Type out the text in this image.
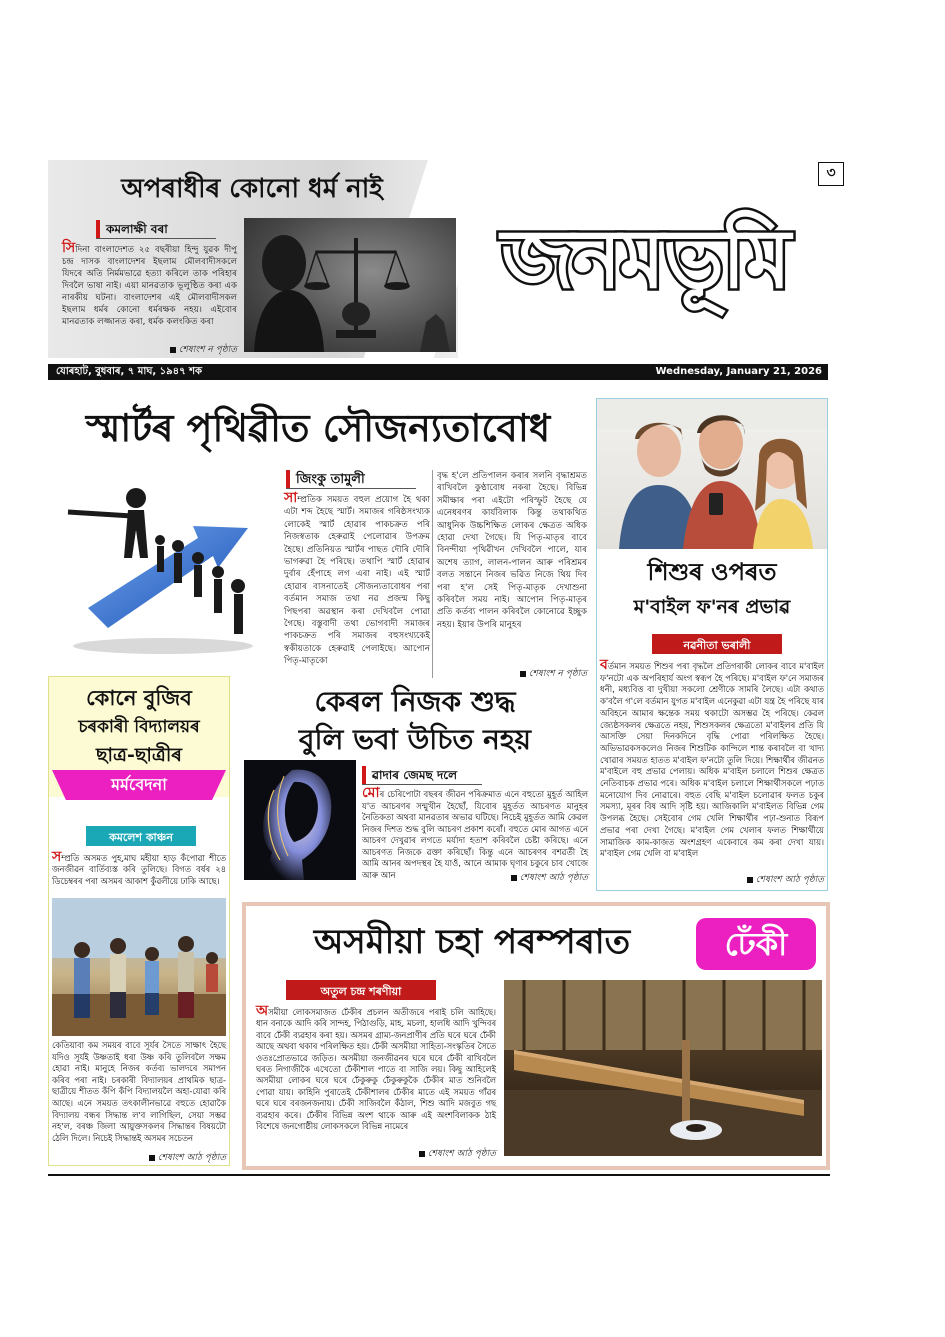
অপৰাধীৰ কোনো ধৰ্ম নাই
কমলাক্ষী বৰা
সিদিনা বাংলাদেশত ২৫ বছৰীয়া হিন্দু যুৱক দীপু চন্দ্ৰ দাসক বাংলাদেশৰ ইছলাম মৌলবাদীসকলে যিদৰে অতি নিৰ্মমভাৱে হত্যা কৰিলে তাক পৰিহাৰ দিবলৈ ভাষা নাই। এয়া মানৱতাক ভূলুণ্ঠিত কৰা এক নাৰকীয় ঘটনা। বাংলাদেশৰ এই মৌলবাদীসকল ইছলাম ধৰ্মৰ কোনো ধৰ্মৰক্ষক নহয়। এইবোৰ মানৱতাক লজ্জানত কৰা, ধৰ্মক কলংকিত কৰা
শেষাংশ ন পৃষ্ঠাত
৩
জনমভূমি
যোৰহাট, বুধবাৰ, ৭ মাঘ, ১৯৪৭ শক	Wednesday, January 21, 2026
স্মাৰ্টৰ পৃথিৱীত সৌজন্যতাবোধ
জিংকু তামুলী
সাম্প্ৰতিক সময়ত বহুল প্ৰয়োগ হৈ থকা এটা শব্দ হৈছে স্মাৰ্ট। সমাজৰ গৰিষ্ঠসংখ্যক লোকেই স্মাৰ্ট হোৱাৰ পাকচক্ৰত পৰি নিজস্বতাক হেৰুৱাই পেলোৱাৰ উপক্ৰম হৈছে। প্ৰতিনিয়ত স্মাৰ্টৰ পাছত দৌৰি দৌৰি ভাগৰুৱা হৈ পৰিছে। তথাপি স্মাৰ্ট হোৱাৰ দুৰ্বাৰ হেঁপাহে লগ এৰা নাই। এই স্মাৰ্ট হোৱাৰ বাসনাতেই সৌজন্যতাবোধৰ পৰা বৰ্তমান সমাজ তথা নৱ প্ৰজন্ম কিছু পিছপৰা অৱস্থান কৰা দেখিবলৈ পোৱা গৈছে। বস্তুবাদী তথা ভোগবাদী সমাজৰ পাকচক্ৰত পৰি সমাজৰ বহুসংখ্যকেই স্বকীয়তাকে হেৰুৱাই পেলাইছে। আপোন পিতৃ-মাতৃকো
বৃদ্ধ হ'লে প্ৰতিপালন কৰাৰ সলনি বৃদ্ধাশ্ৰমত ৰাখিবলৈ কুণ্ঠাবোধ নকৰা হৈছে। বিভিন্ন সমীক্ষাৰ পৰা এইটো পৰিস্ফুট হৈছে যে এনেধৰণৰ কাৰ্যবিলাক কিন্তু তথাকথিত আধুনিক উচ্চশিক্ষিত লোকৰ ক্ষেত্ৰত অধিক হোৱা দেখা গৈছে। যি পিতৃ-মাতৃৰ বাবে বিনন্দীয়া পৃথিৱীখন দেখিবলৈ পালে, যাৰ অশেষ ত্যাগ, লালন-পালন আৰু পৰিশ্ৰমৰ বলত সন্তানে নিজৰ ভৱিত নিজে থিয় দিব পৰা হ'ল সেই পিতৃ-মাতৃক দেখাশুনা কৰিবলৈ সময় নাই। আপোন পিতৃ-মাতৃৰ প্ৰতি কৰ্তব্য পালন কৰিবলৈ কোনোৱে ইচ্ছুক নহয়। ইয়াৰ উপৰি মানুহৰ
শেষাংশ ন পৃষ্ঠাত
শিশুৰ ওপৰত
ম'বাইল ফ'নৰ প্ৰভাৱ
নৱনীতা ভৰালী
বৰ্তমান সময়ত শিশুৰ পৰা বৃদ্ধলৈ প্ৰতিগৰাকী লোকৰ বাবে ম'বাইল ফ'নটো এক অপৰিহাৰ্য অংগ স্বৰূপ হৈ পৰিছে। ম'বাইল ফ'নে সমাজৰ ধনী, মধ্যবিত্ত বা দুখীয়া সকলো শ্ৰেণীকে সামৰি লৈছে। এটা কথাত ক'বলৈ গ'লে বৰ্তমান যুগত ম'বাইল এনেকুৱা এটা যন্ত্ৰ হৈ পৰিছে যাৰ অবিহনে আমাৰ ক্ষন্তেক সময় থকাটো অসম্ভৱ হৈ পৰিছে। কেৱল জ্যেষ্ঠসকলৰ ক্ষেত্ৰতে নহয়, শিশুসকলৰ ক্ষেত্ৰতো ম'বাইলৰ প্ৰতি যি আসক্তি সেয়া দিনকদিনে বৃদ্ধি পোৱা পৰিলক্ষিত হৈছে। অভিভাৱকসকলেও নিজৰ শিশুটিক কান্দিলে শান্ত কৰাবলৈ বা খাদ্য খোৱাৰ সময়ত হাতত ম'বাইল ফ'নটো তুলি দিয়ে। শিক্ষাৰ্থীৰ জীৱনত ম'বাইলে বহু প্ৰভাৱ পেলায়। অধিক ম'বাইল চলালে শিশুৰ ক্ষেত্ৰত নেতিবাচক প্ৰভাৱ পৰে। অধিক ম'বাইল চলালে শিক্ষাৰ্থীসকলে পঢ়াত মনোযোগ দিব নোৱাৰে। বহুত বেছি ম'বাইল চলোৱাৰ ফলত চকুৰ সমস্যা, মূৰৰ বিষ আদি সৃষ্টি হয়। আজিকালি ম'বাইলত বিভিন্ন গেম উপলব্ধ হৈছে। সেইবোৰ গেম খেলি শিক্ষাৰ্থীৰ পঢ়া-শুনাত বিৰূপ প্ৰভাৱ পৰা দেখা গৈছে। ম'বাইল গেম খেলাৰ ফলত শিক্ষাৰ্থীয়ে সামাজিক কাম-কাজত অংশগ্ৰহণ একেবাৰে কম কৰা দেখা যায়। ম'বাইল গেম খেলি বা ম'বাইল
শেষাংশ আঠ পৃষ্ঠাত
কোনে বুজিব
চৰকাৰী বিদ্যালয়ৰ
ছাত্ৰ-ছাত্ৰীৰ
মৰ্মবেদনা
কমলেশ কাঞ্চন
সম্প্ৰতি অসমত পুহ,মাঘ মহীয়া হাড় কঁপোৱা শীতে জনজীৱন বাৰ্তিব্যস্ত কৰি তুলিছে। বিগত বৰ্ষৰ ২৪ ডিচেম্বৰৰ পৰা অসমৰ আকাশ কুঁৱলীয়ে ঢাকি আছে।
কেতিয়াবা কম সময়ৰ বাবে সূৰ্যৰ সৈতে সাক্ষাৎ হৈছে যদিও সূৰ্যই উষ্ণতাই ধৰা উষ্ণ কৰি তুলিবলৈ সক্ষম হোৱা নাই। মানুহে নিজৰ কৰ্তব্য ভালদৰে সমাপন কৰিব পৰা নাই। চৰকাৰী বিদ্যালয়ৰ প্ৰাথমিক ছাত্ৰ-ছাত্ৰীয়ে শীতত কঁপি কঁপি বিদ্যালয়লৈ অহা-যোৱা কৰি আছে। এনে সময়ত তৎকালীনভাৱে বহুতে হোৱাকৈ বিদ্যালয় বন্ধৰ সিদ্ধান্ত ল'ব লাগিছিল, সেয়া সম্ভৱ নহ'ল, বৰঞ্চ জিলা আয়ুক্তসকলৰ সিদ্ধান্তৰ বিষয়টো ঠেলি দিলে। নিচেই সিদ্ধান্তই অসমৰ সচেতন
শেষাংশ আঠ পৃষ্ঠাত
কেৰল নিজক শুদ্ধ
বুলি ভবা উচিত নহয়
ৱাদাৰ জেমছ দলে
মোৰ চেৰিপোটা বছৰৰ জীৱন পৰিক্ৰমাত এনে বহুতো মুহূৰ্ত আহিল য'ত আচৰণৰ সন্মুখীন হৈছোঁ, যিবোৰ মুহূৰ্তত আচৰণত মানুহৰ নৈতিকতা অথবা মানৱতাৰ অভাৱ ঘটিছে। নিচেই মুহূৰ্তত আমি কেৱল নিজৰ দিশত শুদ্ধ বুলি আচৰণ প্ৰকাশ কৰোঁ। বহুতে মোৰ আগত এনে আচৰণ দেখুৱাৰ লগতে মৰ্যাদা হতাশ কৰিবলৈ চেষ্টা কৰিছে। এনে আচৰণত নিজকে ৱক্তা কৰিছোঁ। কিন্তু এনে আচৰণৰ বশৱৰ্তী হৈ আমি আনৰ অপদস্থৰ হৈ যাওঁ, আনে আমাক ঘৃণাৰ চকুৰে চাব খোজে আৰু আন	শেষাংশ আঠ পৃষ্ঠাত
অসমীয়া চহা পৰম্পৰাত	ঢেঁকী
অতুল চন্দ্ৰ শৰণীয়া
অসমীয়া লোকসমাজত ঢেঁকীৰ প্ৰচলন অতীজৰে পৰাই চলি আহিছে। ধান বনাকে আদি কৰি সান্দহ, পিঠাগুড়ি, মাহ, মচলা, হালধি আদি খুন্দিবৰ বাবে ঢেঁকী ব্যৱহাৰ কৰা হয়। অসমৰ গ্ৰাম্য-জনপ্ৰাণীৰ প্ৰতি ঘৰে ঘৰে ঢেঁকী আছে অথবা থকাৰ পৰিলক্ষিত হয়। ঢেঁকী অসমীয়া সাহিত্য-সংস্কৃতিৰ সৈতে ওতঃপ্ৰোতভাৱে জড়িত। অসমীয়া জনজীৱনৰ ঘৰে ঘৰে ঢেঁকী ৰাখিবলৈ ঘৰত নিগাজীকৈ এখেতো ঢেঁকীশাল পাতে বা সাজি লয়। কিছু আহিলেই অসমীয়া লোকৰ ঘৰে ঘৰে ঢেঁকুৰুকু ঢেঁকুৰুকুকৈ ঢেঁকীৰ মাত শুনিবলৈ পোৱা যায়। কাহিনি পুৰাতেই ঢেঁকীশালৰ ঢেঁকীৰ মাতে এই সময়ত গাঁৱৰ ঘৰে ঘৰে বৰজনজনায়। ঢেঁকী সাজিবলৈ কঁঠাল, শিশু আদি মজবুত গছ ব্যৱহাৰ কৰে। ঢেঁকীৰ বিভিন্ন অংশ থাকে আৰু এই অংশবিলাকক ঠাই বিশেষে জনগোষ্ঠীয় লোকসকলে বিভিন্ন নামেৰে
শেষাংশ আঠ পৃষ্ঠাত
